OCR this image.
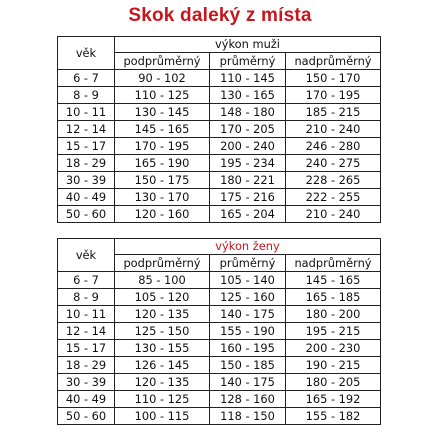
Skok daleký z místa
věk	výkon muži		
	podprůměrný	průměrný	nadprůměrný
6 - 7	90 - 102	110 - 145	150 - 170
8 - 9	110 - 125	130 - 165	170 - 195
10 - 11	130 - 145	148 - 180	185 - 215
12 - 14	145 - 165	170 - 205	210 - 240
15 - 17	170 - 195	200 - 240	246 - 280
18 - 29	165 - 190	195 - 234	240 - 275
30 - 39	150 - 175	180 - 221	228 - 265
40 - 49	130 - 170	175 - 216	222 - 255
50 - 60	120 - 160	165 - 204	210 - 240
věk	výkon ženy		
	podprůměrný	průměrný	nadprůměrný
6 - 7	85 - 100	105 - 140	145 - 165
8 - 9	105 - 120	125 - 160	165 - 185
10 - 11	120 - 135	140 - 175	180 - 200
12 - 14	125 - 150	155 - 190	195 - 215
15 - 17	130 - 155	160 - 195	200 - 230
18 - 29	126 - 145	150 - 185	190 - 215
30 - 39	120 - 135	140 - 175	180 - 205
40 - 49	110 - 125	128 - 160	165 - 192
50 - 60	100 - 115	118 - 150	155 - 182
